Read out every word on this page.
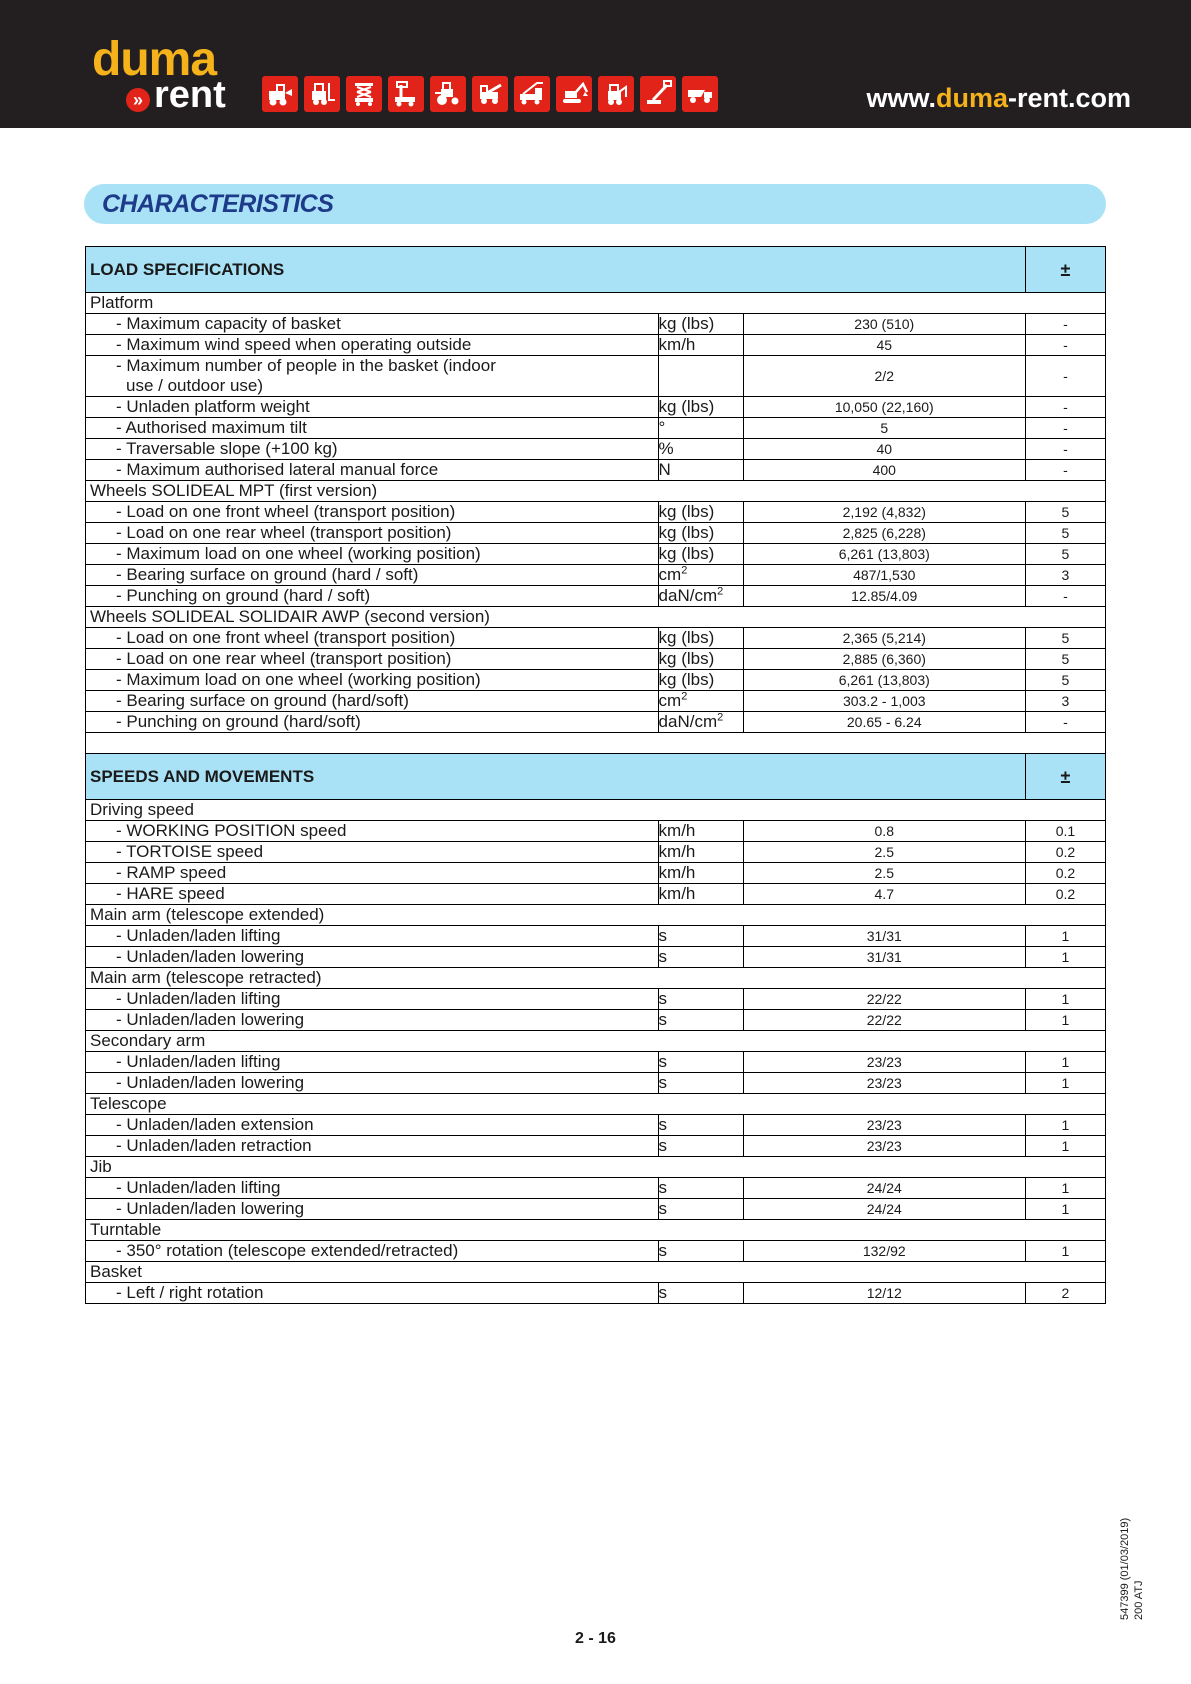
duma
» rent	www.duma-rent.com
CHARACTERISTICS
LOAD SPECIFICATIONS			±
Platform			
- Maximum capacity of basket	kg (lbs)	230 (510)	-
- Maximum wind speed when operating outside	km/h	45	-

- Maximum number of people in the basket (indoor
use / outdoor use)		2/2	-
- Unladen platform weight	kg (lbs)	10,050 (22,160)	-
- Authorised maximum tilt	°	5	-
- Traversable slope (+100 kg)	%	40	-
- Maximum authorised lateral manual force	N	400	-
Wheels SOLIDEAL MPT (first version)			
- Load on one front wheel (transport position)	kg (lbs)	2,192 (4,832)	5
- Load on one rear wheel (transport position)	kg (lbs)	2,825 (6,228)	5
- Maximum load on one wheel (working position)	kg (lbs)	6,261 (13,803)	5
- Bearing surface on ground (hard / soft)	$cm^2$	487/1,530	3
- Punching on ground (hard / soft)	daN/$cm^2$	12.85/4.09	-
Wheels SOLIDEAL SOLIDAIR AWP (second version)			
- Load on one front wheel (transport position)	kg (lbs)	2,365 (5,214)	5
- Load on one rear wheel (transport position)	kg (lbs)	2,885 (6,360)	5
- Maximum load on one wheel (working position)	kg (lbs)	6,261 (13,803)	5
- Bearing surface on ground (hard/soft)	$cm^2$	303.2 - 1,003	3
- Punching on ground (hard/soft)	daN/$cm^2$	20.65 - 6.24	-

SPEEDS AND MOVEMENTS			±
Driving speed			
- WORKING POSITION speed	km/h	0.8	0.1
- TORTOISE speed	km/h	2.5	0.2
- RAMP speed	km/h	2.5	0.2
- HARE speed	km/h	4.7	0.2
Main arm (telescope extended)			
- Unladen/laden lifting	s	31/31	1
- Unladen/laden lowering	s	31/31	1
Main arm (telescope retracted)			
- Unladen/laden lifting	s	22/22	1
- Unladen/laden lowering	s	22/22	1
Secondary arm			
- Unladen/laden lifting	s	23/23	1
- Unladen/laden lowering	s	23/23	1
Telescope			
- Unladen/laden extension	s	23/23	1
- Unladen/laden retraction	s	23/23	1
Jib			
- Unladen/laden lifting	s	24/24	1
- Unladen/laden lowering	s	24/24	1
Turntable			
- 350° rotation (telescope extended/retracted)	s	132/92	1
Basket			
- Left / right rotation	s	12/12	2
547399 (01/03/2019) 200 ATJ
2 - 16
